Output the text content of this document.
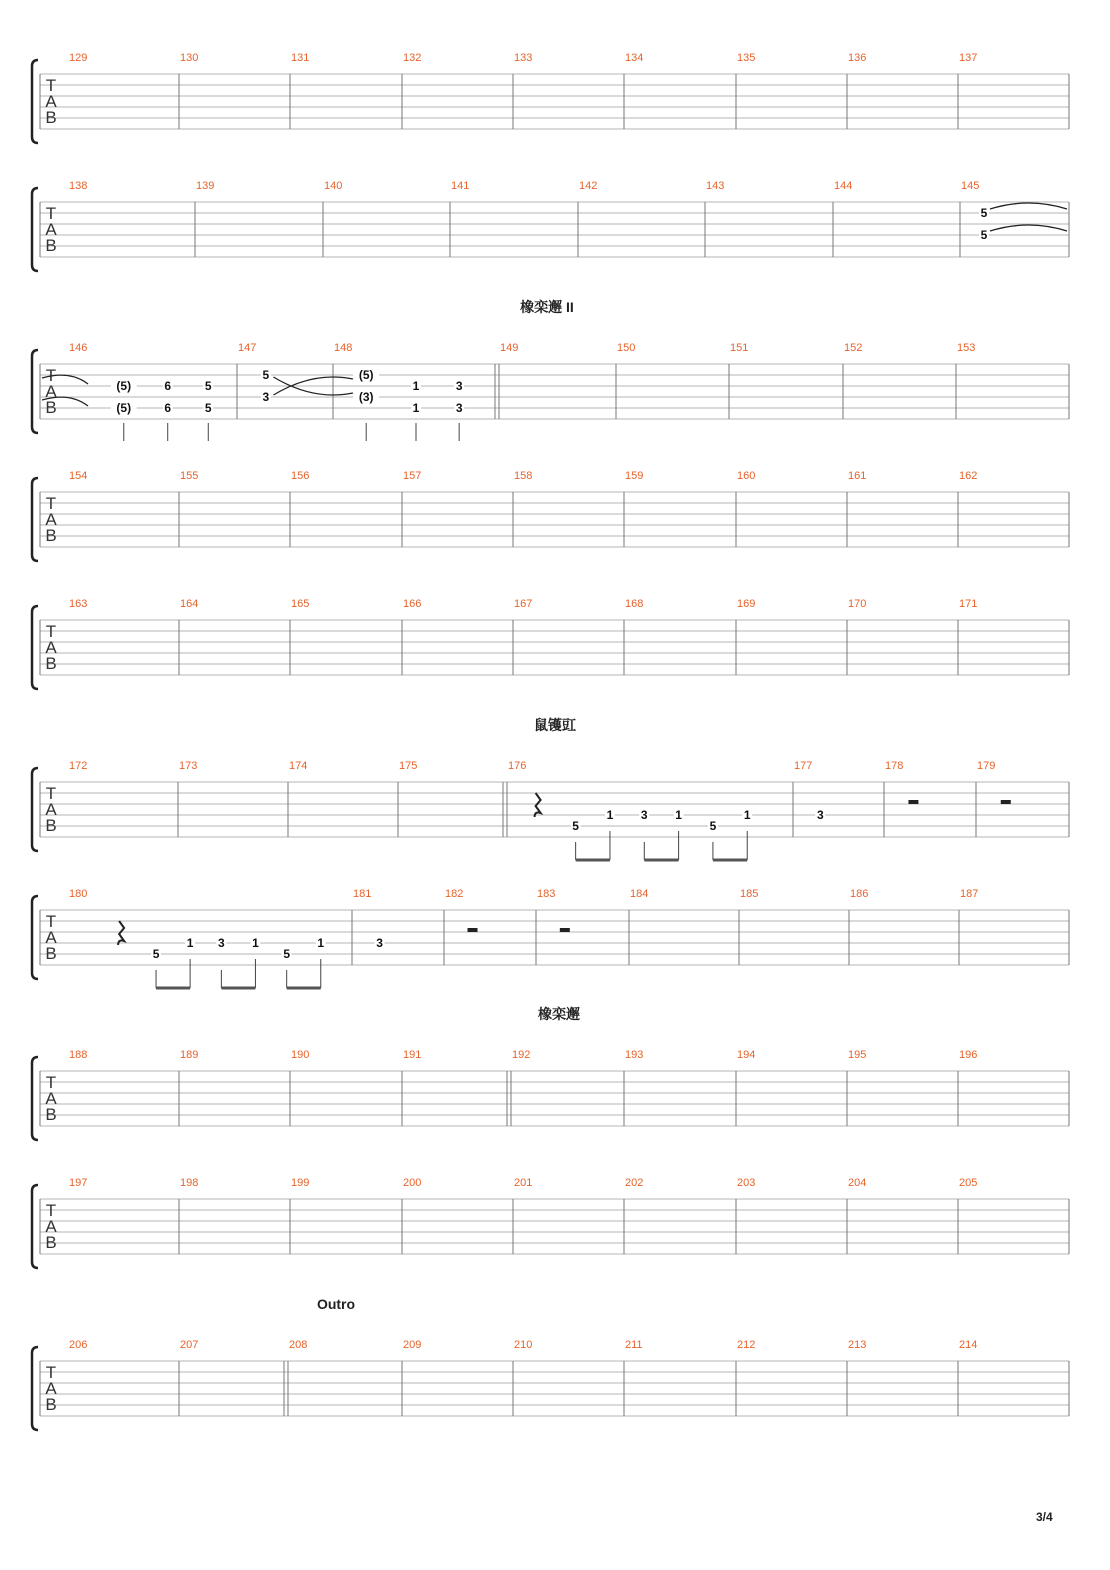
T
A
B
129	130	131	132	133	134	135	136	137
T
A
B
138	139	140	141	142	143	144	145
5
5
T
A
B
146	147	148	149	150	151	152	153
橡栾邂 II
(5)
(5)
6
6
5
5
5
3
(5)
(3)
1
1
3
3
T
A
B
154	155	156	157	158	159	160	161	162
T
A
B
163	164	165	166	167	168	169	170	171
T
A
B
172	173	174	175	176	177	178	179
鼠镬豇
5
1 3 1
5
1	3
T
A
B
180	181	182	183	184	185	186	187
5
1 3 1
5
1	3
T
A
B
188	189	190	191	192	193	194	195	196
橡栾邂
T
A
B
197	198	199	200	201	202	203	204	205
T
A
B
206	207	208	209	210	211	212	213	214
Outro
3/4
